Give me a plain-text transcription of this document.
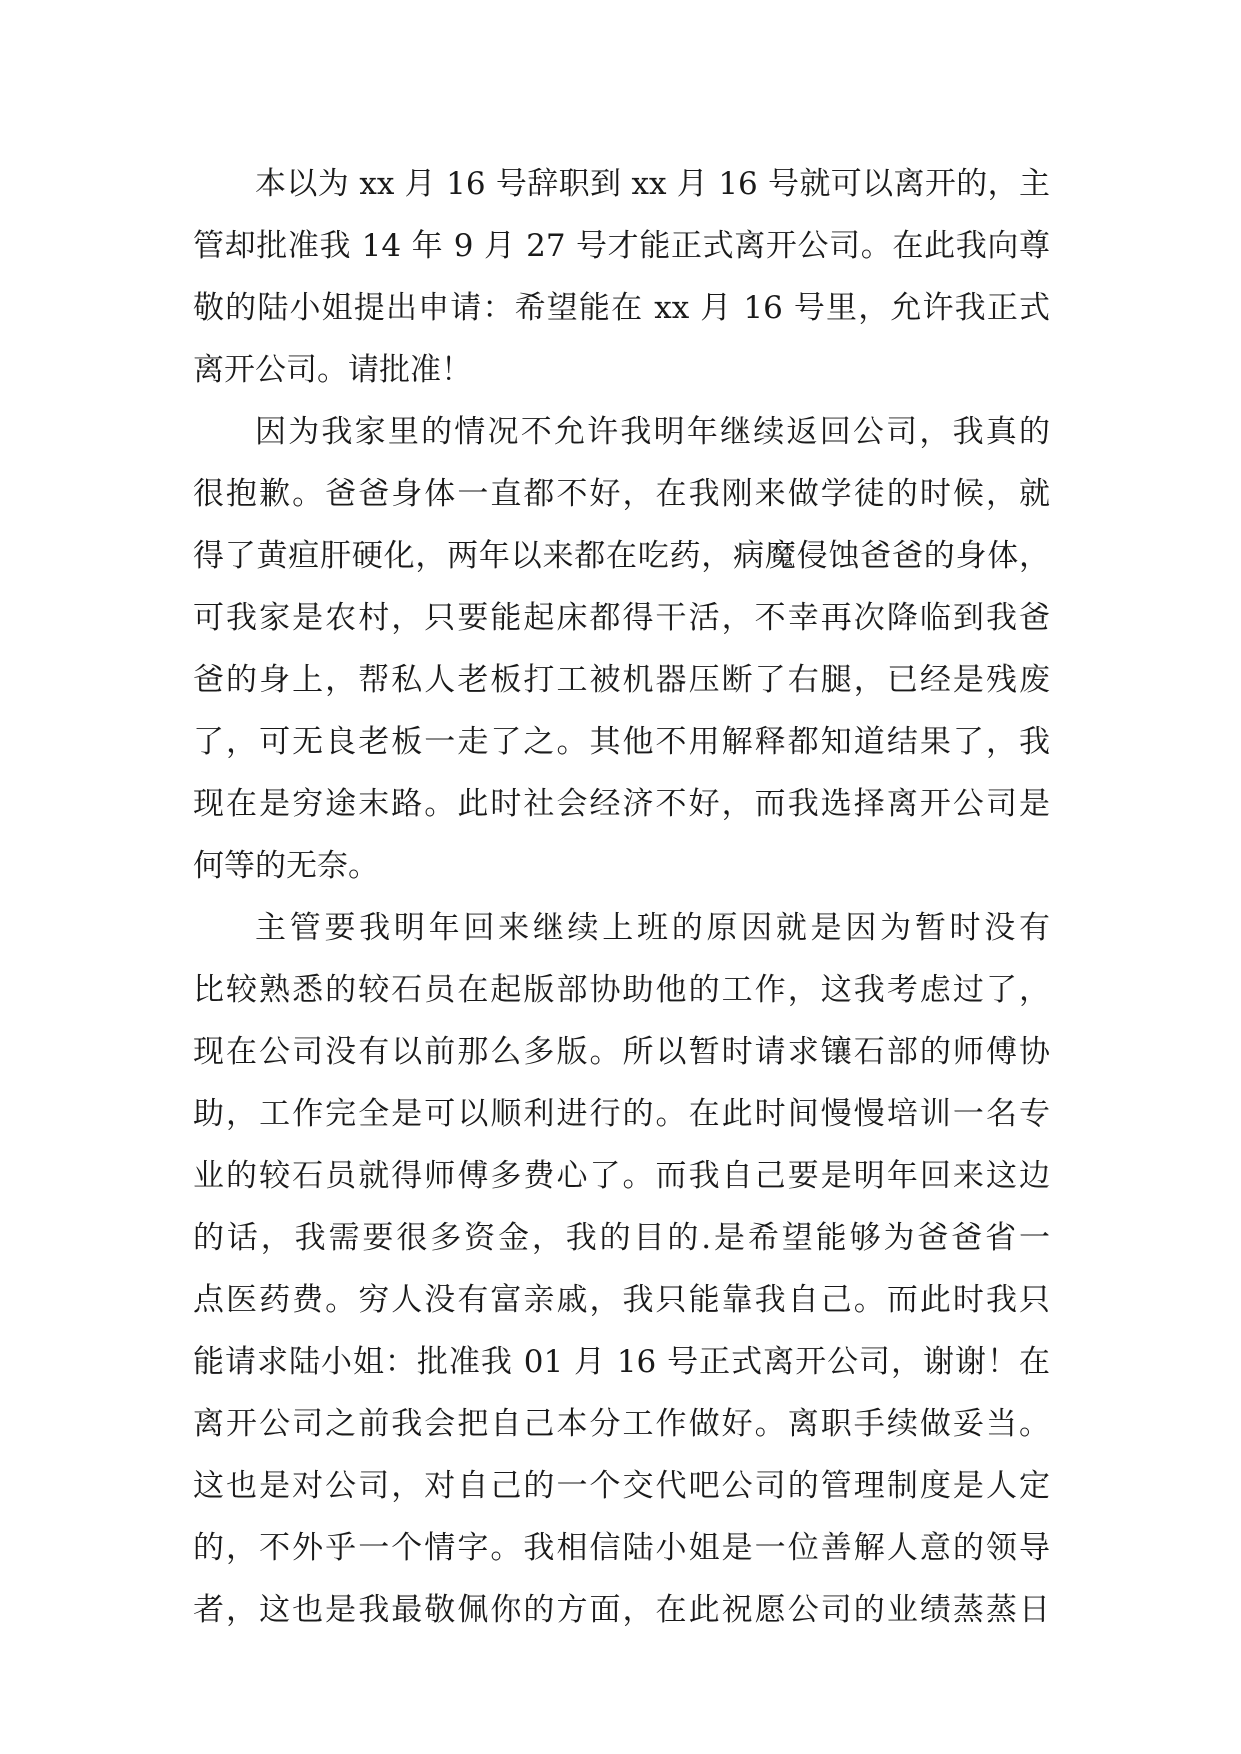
本以为 xx 月 16 号辞职到 xx 月 16 号就可以离开的，主
管却批准我 14 年 9 月 27 号才能正式离开公司。在此我向尊
敬的陆小姐提出申请：希望能在 xx 月 16 号里，允许我正式
离开公司。请批准！
因为我家里的情况不允许我明年继续返回公司，我真的
很抱歉。爸爸身体一直都不好，在我刚来做学徒的时候，就
得了黄疸肝硬化，两年以来都在吃药，病魔侵蚀爸爸的身体，
可我家是农村，只要能起床都得干活，不幸再次降临到我爸
爸的身上，帮私人老板打工被机器压断了右腿，已经是残废
了，可无良老板一走了之。其他不用解释都知道结果了，我
现在是穷途末路。此时社会经济不好，而我选择离开公司是
何等的无奈。
主管要我明年回来继续上班的原因就是因为暂时没有
比较熟悉的较石员在起版部协助他的工作，这我考虑过了，
现在公司没有以前那么多版。所以暂时请求镶石部的师傅协
助，工作完全是可以顺利进行的。在此时间慢慢培训一名专
业的较石员就得师傅多费心了。而我自己要是明年回来这边
的话，我需要很多资金，我的目的.是希望能够为爸爸省一
点医药费。穷人没有富亲戚，我只能靠我自己。而此时我只
能请求陆小姐：批准我 01 月 16 号正式离开公司，谢谢！在
离开公司之前我会把自己本分工作做好。离职手续做妥当。
这也是对公司，对自己的一个交代吧公司的管理制度是人定
的，不外乎一个情字。我相信陆小姐是一位善解人意的领导
者，这也是我最敬佩你的方面，在此祝愿公司的业绩蒸蒸日
